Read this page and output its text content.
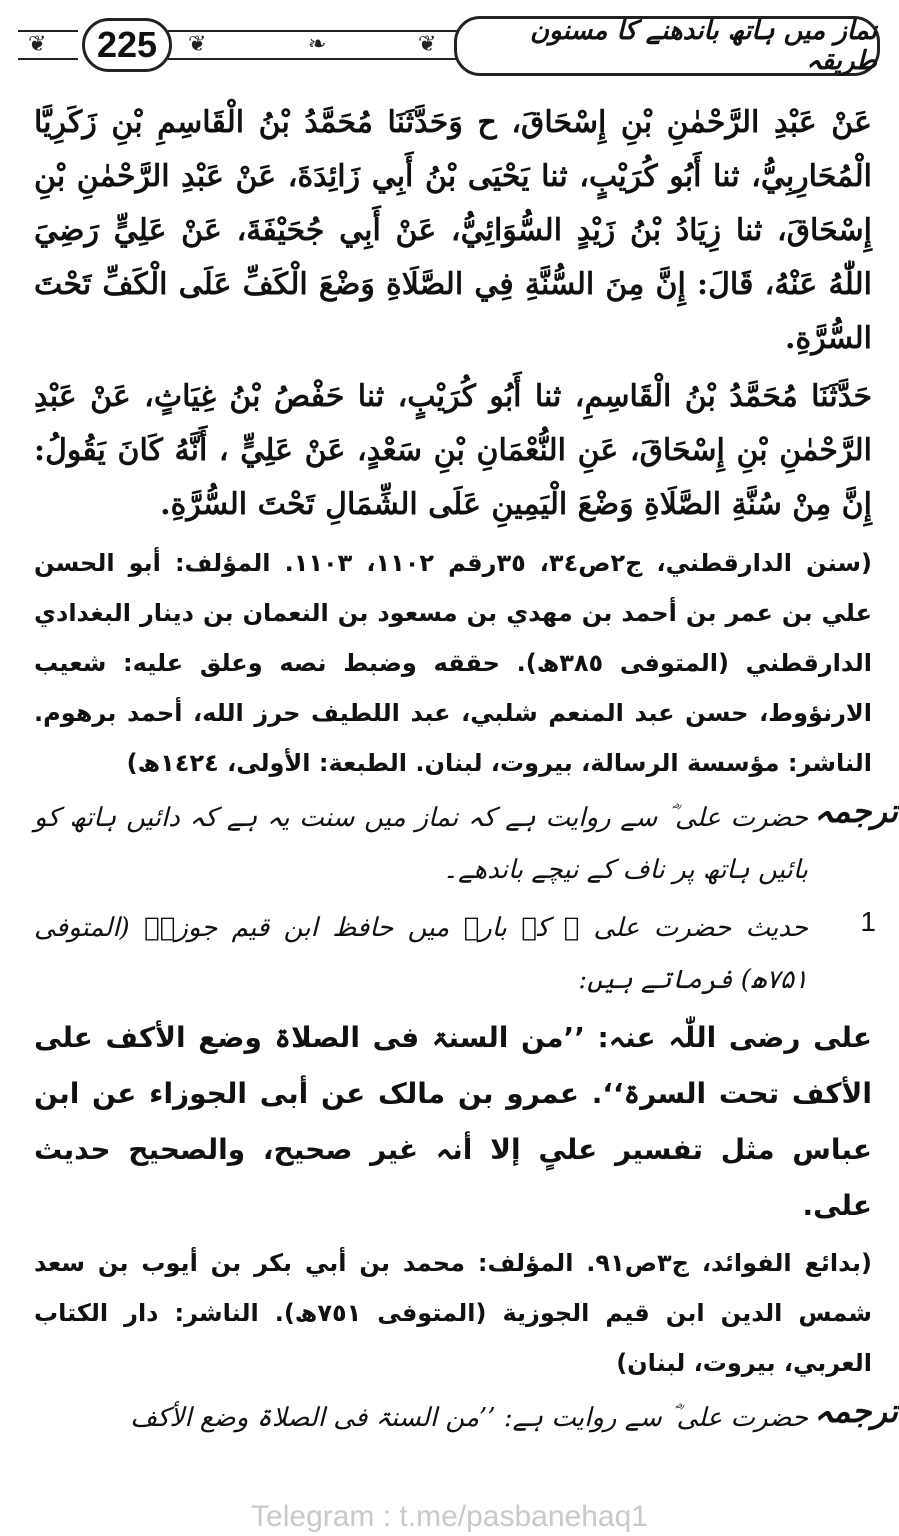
❦	❦	❧	❦
225	نماز میں ہاتھ باندھنے کا مسنون طریقہ

عَنْ عَبْدِ الرَّحْمٰنِ بْنِ إِسْحَاقَ، ح وَحَدَّثَنَا مُحَمَّدُ بْنُ الْقَاسِمِ بْنِ زَكَرِيَّا الْمُحَارِبِيُّ، ثنا أَبُو كُرَيْبٍ، ثنا يَحْيَى بْنُ أَبِي زَائِدَةَ، عَنْ عَبْدِ الرَّحْمٰنِ بْنِ إِسْحَاقَ، ثنا زِيَادُ بْنُ زَيْدٍ السُّوَائِيُّ، عَنْ أَبِي جُحَيْفَةَ، عَنْ عَلِيٍّ رَضِيَ اللّٰهُ عَنْهُ، قَالَ: إِنَّ مِنَ السُّنَّةِ فِي الصَّلَاةِ وَضْعَ الْكَفِّ عَلَى الْكَفِّ تَحْتَ السُّرَّةِ.

حَدَّثَنَا مُحَمَّدُ بْنُ الْقَاسِمِ، ثنا أَبُو كُرَيْبٍ، ثنا حَفْصُ بْنُ غِيَاثٍ، عَنْ عَبْدِ الرَّحْمٰنِ بْنِ إِسْحَاقَ، عَنِ النُّعْمَانِ بْنِ سَعْدٍ، عَنْ عَلِيٍّ ، أَنَّهُ كَانَ يَقُولُ: إِنَّ مِنْ سُنَّةِ الصَّلَاةِ وَضْعَ الْيَمِينِ عَلَى الشِّمَالِ تَحْتَ السُّرَّةِ.

(سنن الدارقطني، ج٢ص٣٤، ٣٥رقم ١١٠٢، ١١٠٣. المؤلف: أبو الحسن علي بن عمر بن أحمد بن مهدي بن مسعود بن النعمان بن دينار البغدادي الدارقطني (المتوفى ٣٨٥ھ). حققه وضبط نصه وعلق عليه: شعيب الارنؤوط، حسن عبد المنعم شلبي، عبد اللطيف حرز الله، أحمد برهوم. الناشر: مؤسسة الرسالة، بيروت، لبنان. الطبعة: الأولى، ١٤٢٤ھ)

ترجمہ

حضرت علی ؓ سے روایت ہے کہ نماز میں سنت یہ ہے کہ دائیں ہاتھ کو بائیں ہاتھ پر ناف کے نیچے باندھے۔

1

حدیث حضرت علی ؓ کے بارے میں حافظ ابن قیم جوزیؒ (المتوفی ۷۵۱ھ) فرماتے ہیں:

علی رضی اللّٰہ عنہ: ’’من السنۃ فی الصلاۃ وضع الأکف علی الأکف تحت السرۃ‘‘. عمرو بن مالک عن أبی الجوزاء عن ابن عباس مثل تفسیر علیٍ إلا أنہ غیر صحیح، والصحیح حدیث علی.

(بدائع الفوائد، ج٣ص٩١. المؤلف: محمد بن أبي بكر بن أيوب بن سعد شمس الدين ابن قيم الجوزية (المتوفى ٧٥١ھ). الناشر: دار الكتاب العربي، بيروت، لبنان)

ترجمہ

حضرت علی ؓ سے روایت ہے: ’’من السنۃ فی الصلاۃ وضع الأکف

Telegram : t.me/pasbanehaq1
